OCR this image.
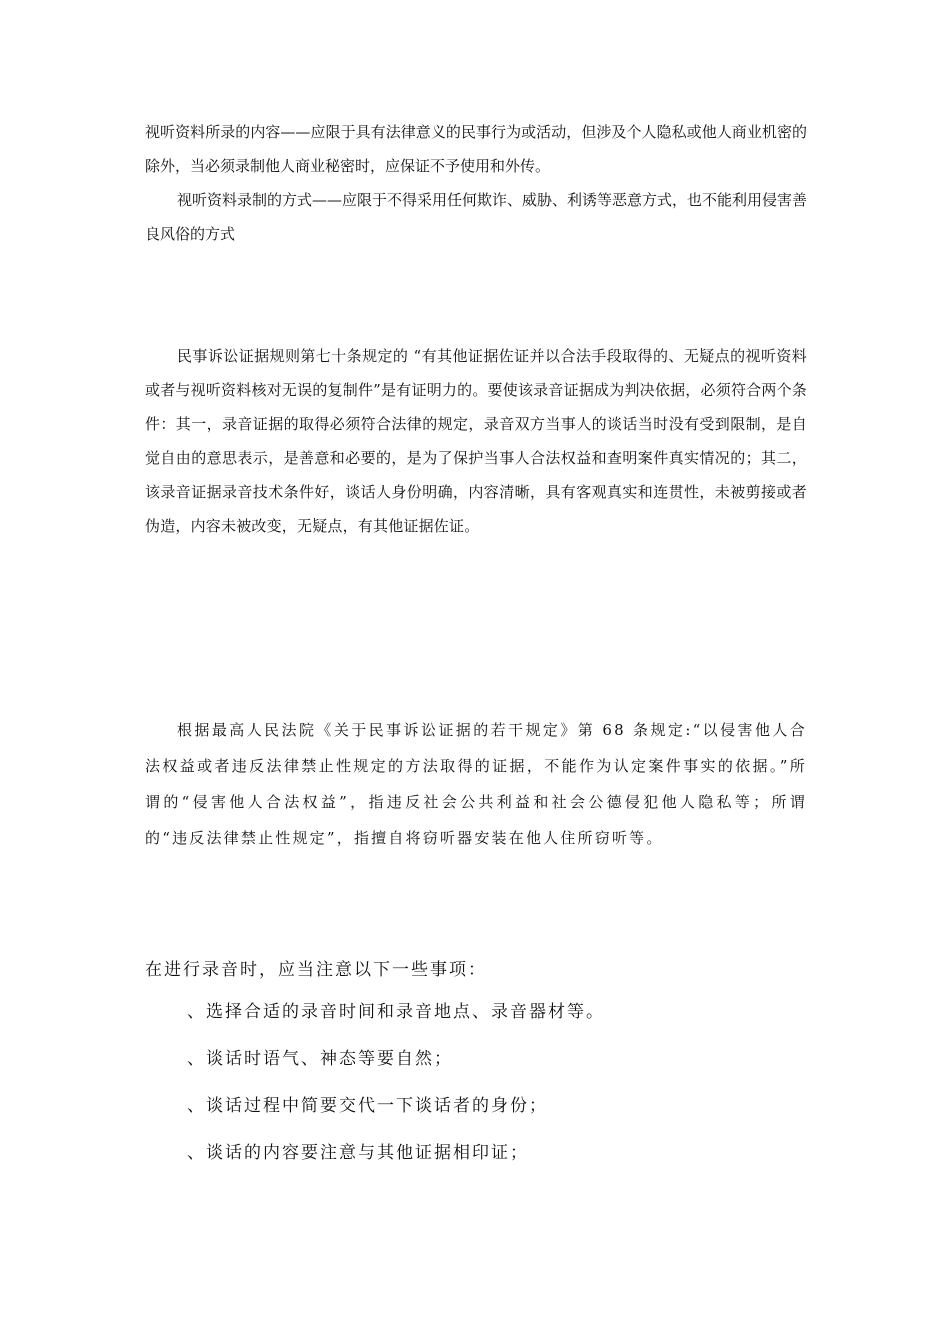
视听资料所录的内容——应限于具有法律意义的民事行为或活动，但涉及个人隐私或他人商业机密的除外，当必须录制他人商业秘密时，应保证不予使用和外传。

视听资料录制的方式——应限于不得采用任何欺诈、威胁、利诱等恶意方式，也不能利用侵害善良风俗的方式

民事诉讼证据规则第七十条规定的 “有其他证据佐证并以合法手段取得的、无疑点的视听资料或者与视听资料核对无误的复制件”是有证明力的。要使该录音证据成为判决依据，必须符合两个条件：其一，录音证据的取得必须符合法律的规定，录音双方当事人的谈话当时没有受到限制，是自觉自由的意思表示，是善意和必要的，是为了保护当事人合法权益和查明案件真实情况的；其二，该录音证据录音技术条件好，谈话人身份明确，内容清晰，具有客观真实和连贯性，未被剪接或者伪造，内容未被改变，无疑点，有其他证据佐证。

根据最高人民法院《关于民事诉讼证据的若干规定》第 68 条规定:“以侵害他人合法权益或者违反法律禁止性规定的方法取得的证据，不能作为认定案件事实的依据。”所谓的“侵害他人合法权益”，指违反社会公共利益和社会公德侵犯他人隐私等；所谓的“违反法律禁止性规定”，指擅自将窃听器安装在他人住所窃听等。

在进行录音时，应当注意以下一些事项：

、选择合适的录音时间和录音地点、录音器材等。
、谈话时语气、神态等要自然；
、谈话过程中简要交代一下谈话者的身份；
、谈话的内容要注意与其他证据相印证；
